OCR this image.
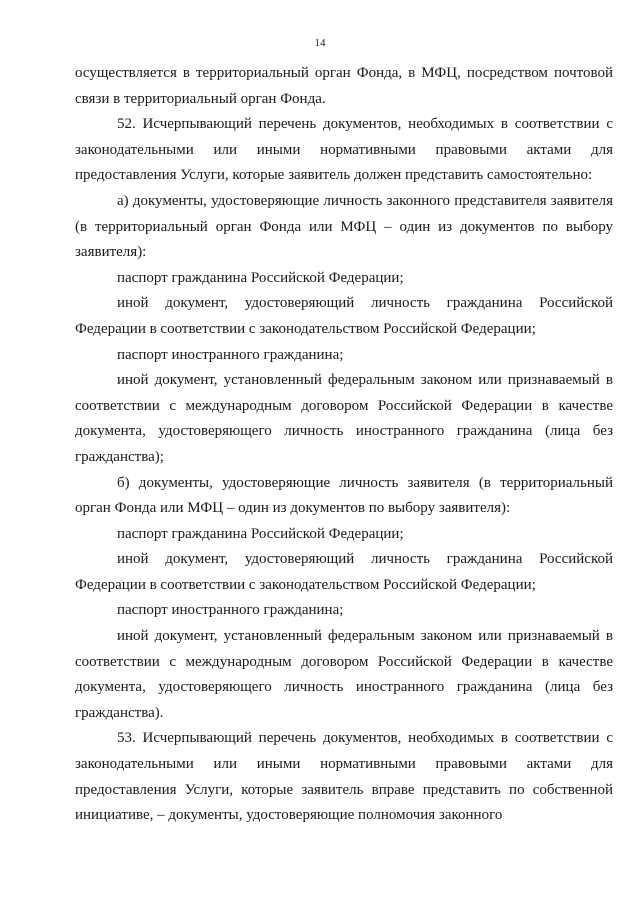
14

осуществляется в территориальный орган Фонда, в МФЦ, посредством почтовой связи в территориальный орган Фонда.

52. Исчерпывающий перечень документов, необходимых в соответствии с законодательными или иными нормативными правовыми актами для предоставления Услуги, которые заявитель должен представить самостоятельно:

а) документы, удостоверяющие личность законного представителя заявителя (в территориальный орган Фонда или МФЦ – один из документов по выбору заявителя):

паспорт гражданина Российской Федерации;

иной документ, удостоверяющий личность гражданина Российской Федерации в соответствии с законодательством Российской Федерации;

паспорт иностранного гражданина;

иной документ, установленный федеральным законом или признаваемый в соответствии с международным договором Российской Федерации в качестве документа, удостоверяющего личность иностранного гражданина (лица без гражданства);

б) документы, удостоверяющие личность заявителя (в территориальный орган Фонда или МФЦ – один из документов по выбору заявителя):

паспорт гражданина Российской Федерации;

иной документ, удостоверяющий личность гражданина Российской Федерации в соответствии с законодательством Российской Федерации;

паспорт иностранного гражданина;

иной документ, установленный федеральным законом или признаваемый в соответствии с международным договором Российской Федерации в качестве документа, удостоверяющего личность иностранного гражданина (лица без гражданства).

53. Исчерпывающий перечень документов, необходимых в соответствии с законодательными или иными нормативными правовыми актами для предоставления Услуги, которые заявитель вправе представить по собственной инициативе, – документы, удостоверяющие полномочия законного
